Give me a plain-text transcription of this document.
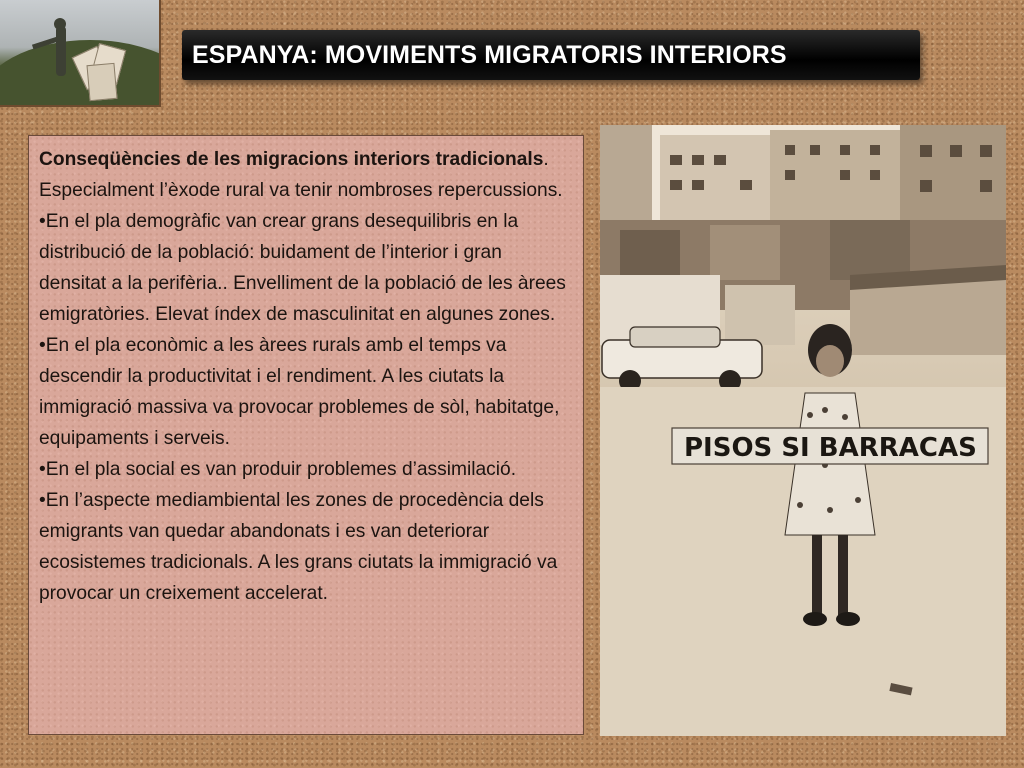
ESPANYA: MOVIMENTS MIGRATORIS INTERIORS

Conseqüències de les migracions interiors tradicionals. Especialment l’èxode rural va tenir nombroses repercussions.

•En el pla demogràfic van crear grans desequilibris en la distribució de la població: buidament de l’interior i gran densitat a la perifèria.. Envelliment de la població de les àrees emigratòries. Elevat índex de masculinitat en algunes zones.

•En el pla econòmic a les àrees rurals amb el temps va descendir la productivitat i el rendiment. A les ciutats la immigració massiva va provocar problemes de sòl, habitatge, equipaments i serveis.

•En el pla social es van produir problemes d’assimilació.

•En l’aspecte mediambiental les zones de procedència dels emigrants van quedar abandonats i es van deteriorar ecosistemes tradicionals. A les grans ciutats la immigració va provocar un creixement accelerat.

PISOS SI BARRACAS
